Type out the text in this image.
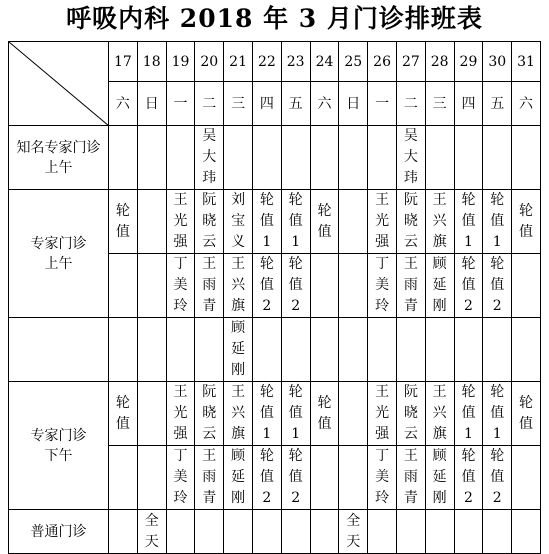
呼吸内科 2018 年 3 月门诊排班表
	17	18	19	20	21	22	23	24	25	26	27	28	29	30	31
	六	日	一	二	三	四	五	六	日	一	二	三	四	五	六

知名专家门诊
上午				吴大玮							吴大玮				

专家门诊
上午	轮值		王光强	阮晓云	刘宝义	轮值1	轮值1	轮值		王光强	阮晓云	王兴旗	轮值1	轮值1	轮值
			丁美玲	王雨青	王兴旗	轮值2	轮值2			丁美玲	王雨青	顾延刚	轮值2	轮值2	
					顾延刚										

专家门诊
下午	轮值		王光强	阮晓云	王兴旗	轮值1	轮值1	轮值		王光强	阮晓云	王兴旗	轮值1	轮值1	轮值
			丁美玲	王雨青	顾延刚	轮值2	轮值2			丁美玲	王雨青	顾延刚	轮值2	轮值2	
普通门诊		全天							全天						
